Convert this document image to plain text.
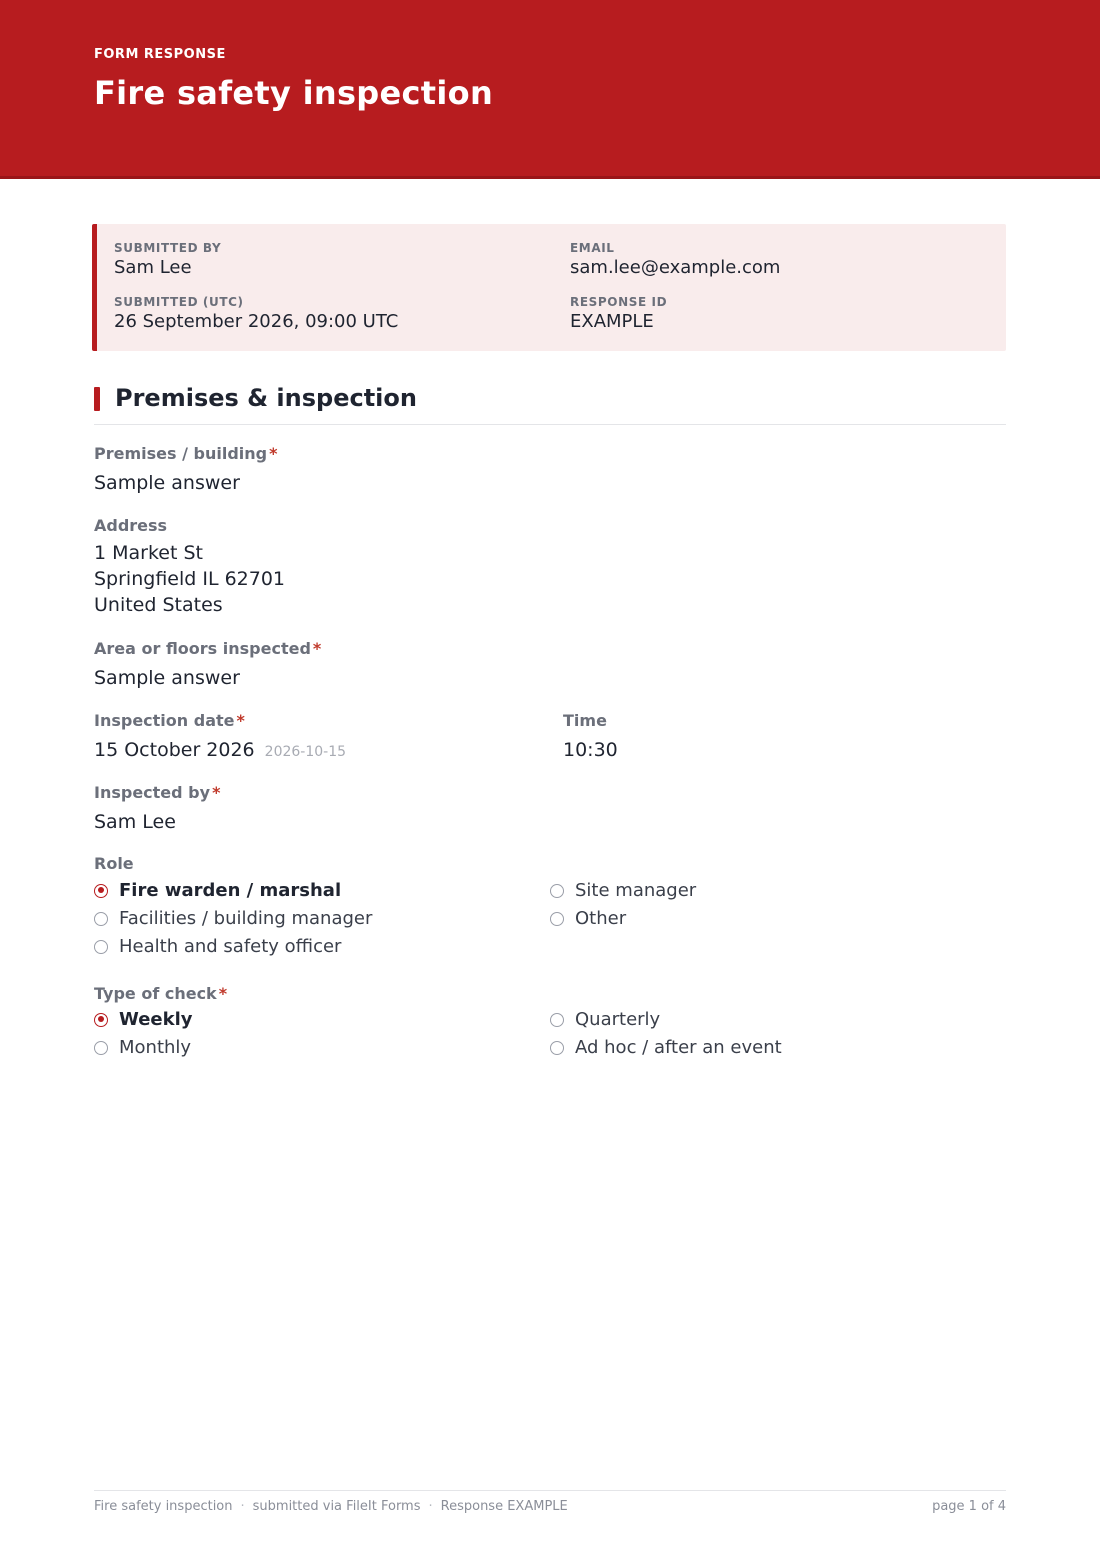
FORM RESPONSE
Fire safety inspection
SUBMITTED BY
Sam Lee
EMAIL
sam.lee@example.com
SUBMITTED (UTC)
26 September 2026, 09:00 UTC
RESPONSE ID
EXAMPLE
Premises & inspection
Premises / building *
Sample answer
Address
1 Market St
Springfield IL 62701
United States
Area or floors inspected *
Sample answer
Inspection date *
15 October 2026 2026-10-15
Time
10:30
Inspected by *
Sam Lee
Role
Fire warden / marshal
Facilities / building manager
Health and safety officer
Site manager
Other
Type of check *
Weekly
Monthly
Quarterly
Ad hoc / after an event
Fire safety inspection · submitted via FileIt Forms · Response EXAMPLE	page 1 of 4
